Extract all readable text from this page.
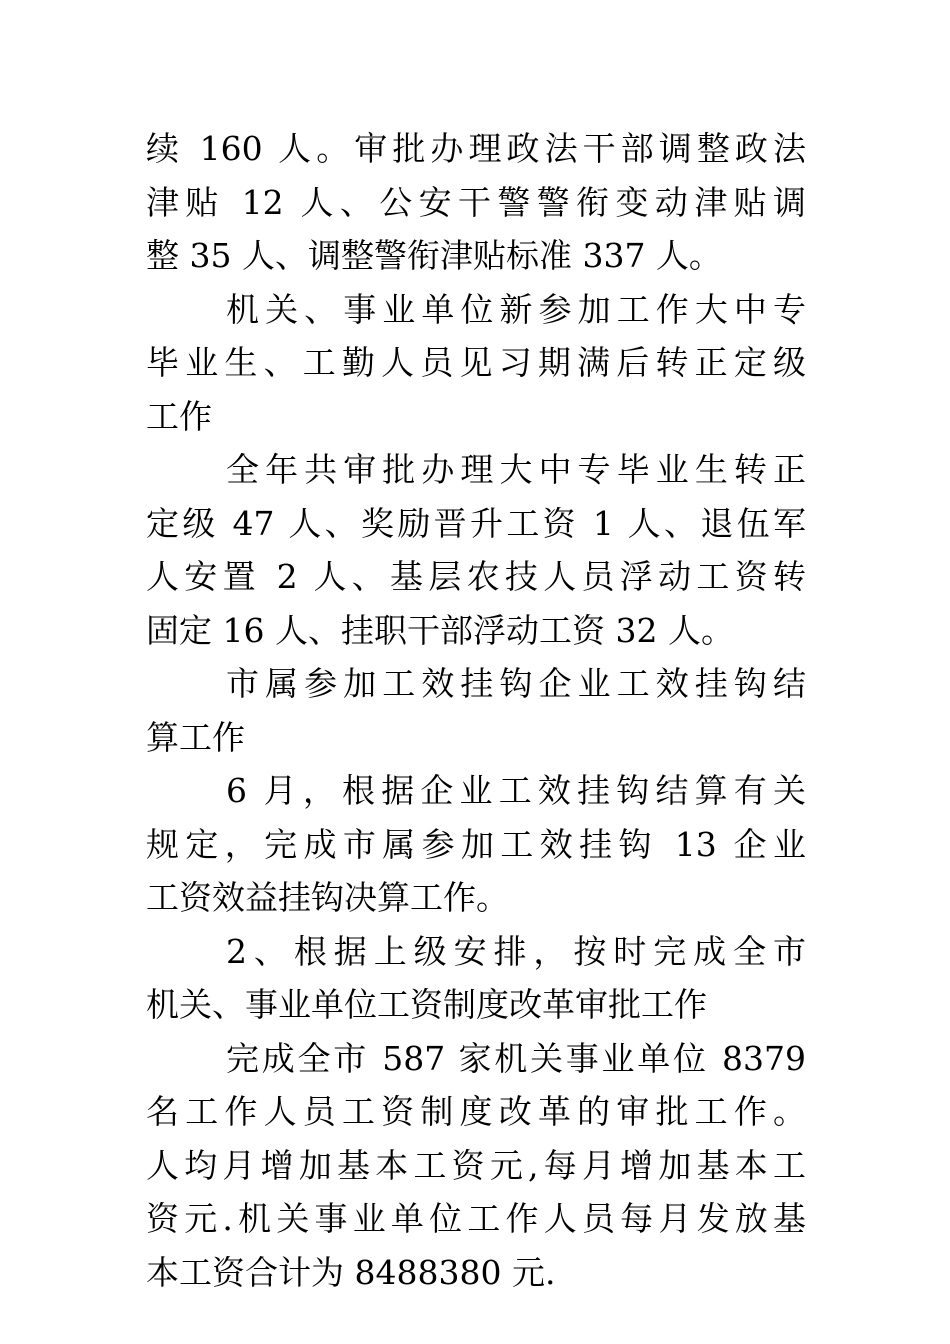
续 160 人。审批办理政法干部调整政法
津贴 12 人、公安干警警衔变动津贴调
整 35 人、调整警衔津贴标准 337 人。
机关、事业单位新参加工作大中专
毕业生、工勤人员见习期满后转正定级
工作
全年共审批办理大中专毕业生转正
定级 47 人、奖励晋升工资 1 人、退伍军
人安置 2 人、基层农技人员浮动工资转
固定 16 人、挂职干部浮动工资 32 人。
市属参加工效挂钩企业工效挂钩结
算工作
6 月，根据企业工效挂钩结算有关
规定，完成市属参加工效挂钩 13 企业
工资效益挂钩决算工作。
2、根据上级安排，按时完成全市
机关、事业单位工资制度改革审批工作
完成全市 587 家机关事业单位 8379
名工作人员工资制度改革的审批工作。
人均月增加基本工资元,每月增加基本工
资元.机关事业单位工作人员每月发放基
本工资合计为 8488380 元.
